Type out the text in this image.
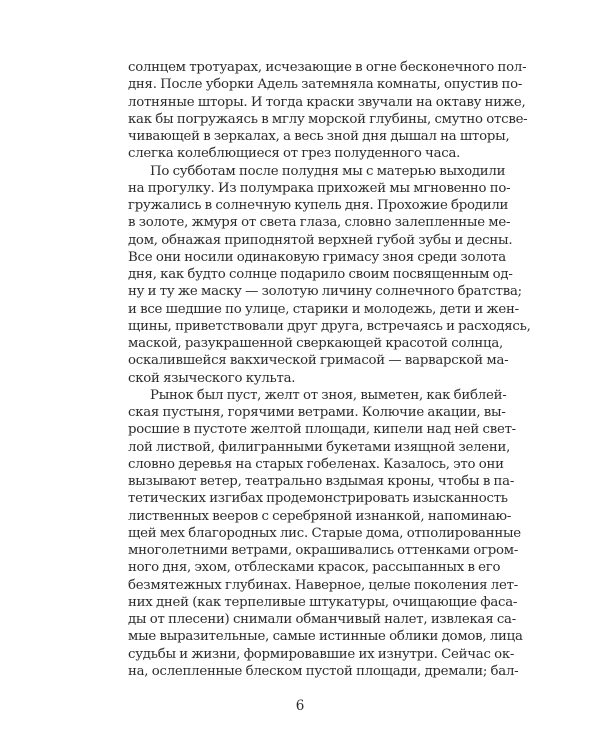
солнцем тротуарах, исчезающие в огне бесконечного пол-
дня. После уборки Адель затемняла комнаты, опустив по-
лотняные шторы. И тогда краски звучали на октаву ниже,
как бы погружаясь в мглу морской глубины, смутно отсве-
чивающей в зеркалах, а весь зной дня дышал на шторы,
слегка колеблющиеся от грез полуденного часа.
По субботам после полудня мы с матерью выходили
на прогулку. Из полумрака прихожей мы мгновенно по-
гружались в солнечную купель дня. Прохожие бродили
в золоте, жмуря от света глаза, словно залепленные ме-
дом, обнажая приподнятой верхней губой зубы и десны.
Все они носили одинаковую гримасу зноя среди золота
дня, как будто солнце подарило своим посвященным од-
ну и ту же маску — золотую личину солнечного братства;
и все шедшие по улице, старики и молодежь, дети и жен-
щины, приветствовали друг друга, встречаясь и расходясь,
маской, разукрашенной сверкающей красотой солнца,
оскалившейся вакхической гримасой — варварской ма-
ской языческого культа.
Рынок был пуст, желт от зноя, выметен, как библей-
ская пустыня, горячими ветрами. Колючие акации, вы-
росшие в пустоте желтой площади, кипели над ней свет-
лой листвой, филигранными букетами изящной зелени,
словно деревья на старых гобеленах. Казалось, это они
вызывают ветер, театрально вздымая кроны, чтобы в па-
тетических изгибах продемонстрировать изысканность
лиственных вееров с серебряной изнанкой, напоминаю-
щей мех благородных лис. Старые дома, отполированные
многолетними ветрами, окрашивались оттенками огром-
ного дня, эхом, отблесками красок, рассыпанных в его
безмятежных глубинах. Наверное, целые поколения лет-
них дней (как терпеливые штукатуры, очищающие фаса-
ды от плесени) снимали обманчивый налет, извлекая са-
мые выразительные, самые истинные облики домов, лица
судьбы и жизни, формировавшие их изнутри. Сейчас ок-
на, ослепленные блеском пустой площади, дремали; бал-
6
